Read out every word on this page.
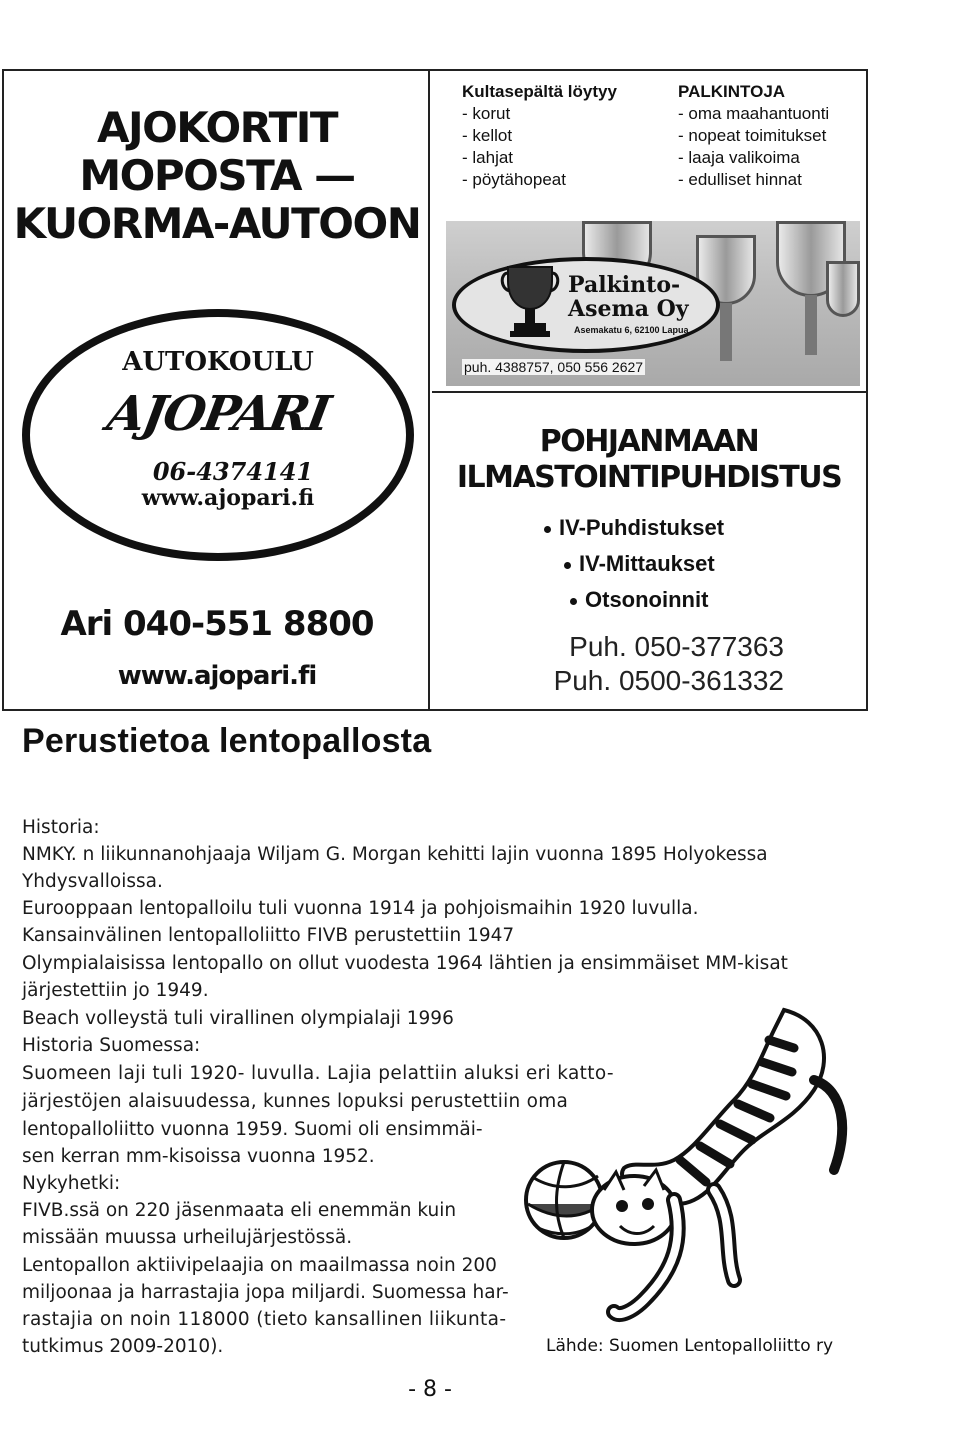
AJOKORTIT
MOPOSTA —
KUORMA-AUTOON
AUTOKOULU
AJOPARI
06-4374141
www.ajopari.fi
Ari 040-551 8800
www.ajopari.fi
Kultasepältä löytyy
- korut
- kellot
- lahjat
- pöytähopeat
PALKINTOJA
- oma maahantuonti
- nopeat toimitukset
- laaja valikoima
- edulliset hinnat
Palkinto-
Asema Oy
Asemakatu 6, 62100 Lapua
puh. 4388757, 050 556 2627
POHJANMAAN
ILMASTOINTIPUHDISTUS
IV-Puhdistukset
IV-Mittaukset
Otsonoinnit
Puh. 050-377363
Puh. 0500-361332
Perustietoa lentopallosta
Historia:
NMKY. n liikunnanohjaaja Wiljam G. Morgan kehitti lajin vuonna 1895 Holyokessa
Yhdysvalloissa.
Eurooppaan lentopalloilu tuli vuonna 1914 ja pohjoismaihin 1920 luvulla.
Kansainvälinen lentopalloliitto FIVB perustettiin 1947
Olympialaisissa lentopallo on ollut vuodesta 1964 lähtien ja ensimmäiset MM-kisat
järjestettiin jo 1949.
Beach volleystä tuli virallinen olympialaji 1996
Historia Suomessa:
Suomeen laji tuli 1920- luvulla. Lajia pelattiin aluksi eri katto-
järjestöjen alaisuudessa, kunnes lopuksi perustettiin oma
lentopalloliitto vuonna 1959. Suomi oli ensimmäi-
sen kerran mm-kisoissa vuonna 1952.
Nykyhetki:
FIVB.ssä on 220 jäsenmaata eli enemmän kuin
missään muussa urheilujärjestössä.
Lentopallon aktiivipelaajia on maailmassa noin 200
miljoonaa ja harrastajia jopa miljardi. Suomessa har-
rastajia on noin 118000 (tieto kansallinen liikunta-
tutkimus 2009-2010).	Lähde: Suomen Lentopalloliitto ry
- 8 -
